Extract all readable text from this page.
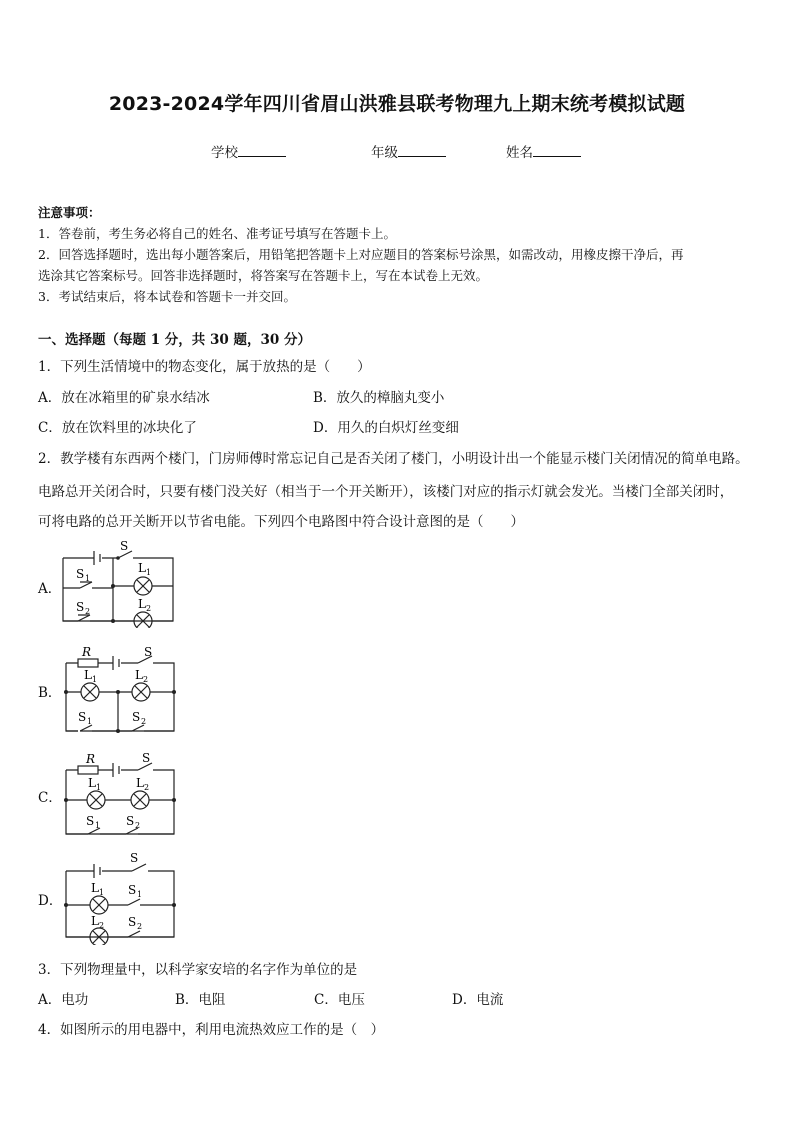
2023-2024学年四川省眉山洪雅县联考物理九上期末统考模拟试题
学校	年级	姓名
注意事项：
1．答卷前，考生务必将自己的姓名、准考证号填写在答题卡上。
2．回答选择题时，选出每小题答案后，用铅笔把答题卡上对应题目的答案标号涂黑，如需改动，用橡皮擦干净后，再
选涂其它答案标号。回答非选择题时，将答案写在答题卡上，写在本试卷上无效。
3．考试结束后，将本试卷和答题卡一并交回。
一、选择题（每题 1 分，共 30 题，30 分）
1．下列生活情境中的物态变化，属于放热的是（　　）
A．放在冰箱里的矿泉水结冰	B．放久的樟脑丸变小
C．放在饮料里的冰块化了	D．用久的白炽灯丝变细
2．教学楼有东西两个楼门，门房师傅时常忘记自己是否关闭了楼门，小明设计出一个能显示楼门关闭情况的简单电路。
电路总开关闭合时，只要有楼门没关好（相当于一个开关断开），该楼门对应的指示灯就会发光。当楼门全部关闭时，
可将电路的总开关断开以节省电能。下列四个电路图中符合设计意图的是（　　）
A．
B．
C．
D．
S
S 1
S 2
L 1
L 2
R	S
L 1	L 2
S 1	S 2
R	S
L 1	L 2
S 1 S 2
S
L 1 S 1
L 2 S 2
3．下列物理量中，以科学家安培的名字作为单位的是
A．电功	B．电阻	C．电压	D．电流
4．如图所示的用电器中，利用电流热效应工作的是（　）
